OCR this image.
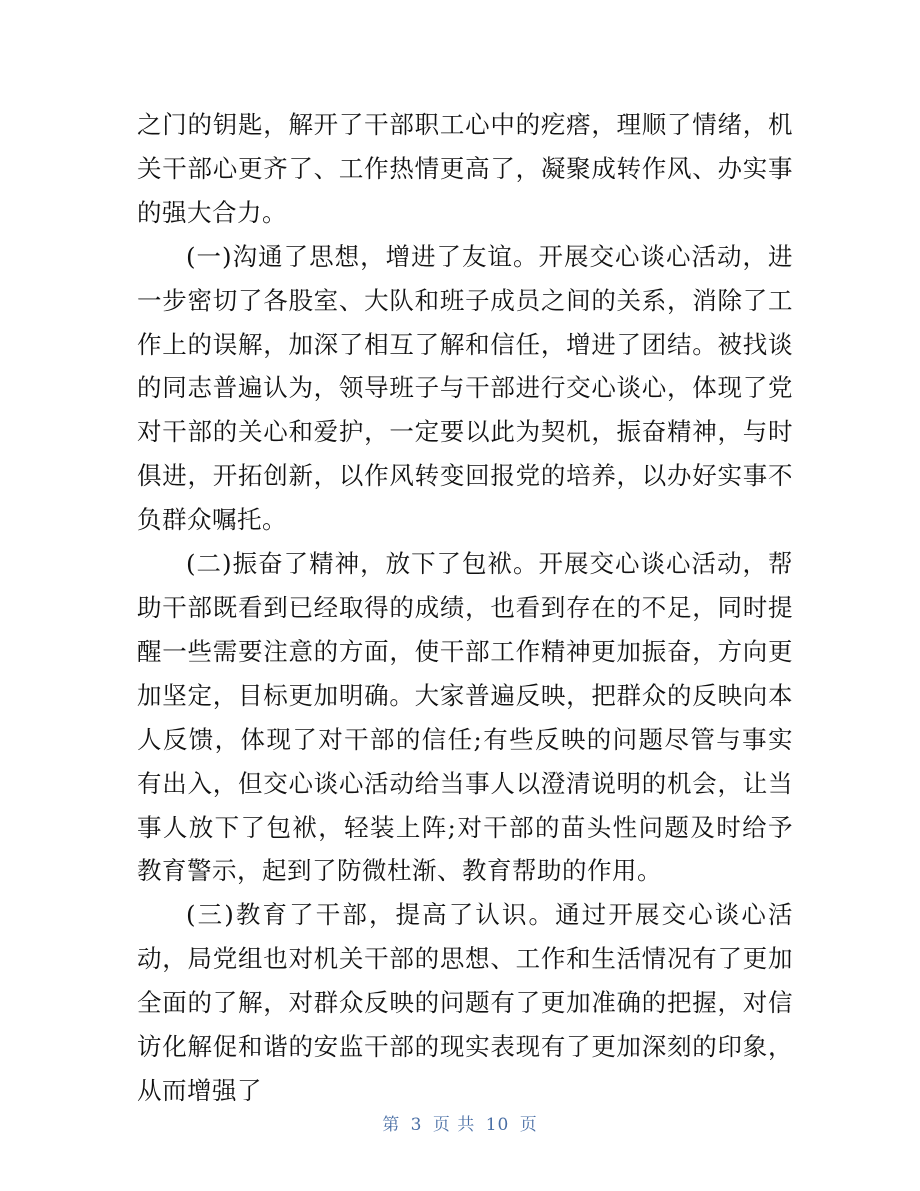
之门的钥匙，解开了干部职工心中的疙瘩，理顺了情绪，机关干部心更齐了、工作热情更高了，凝聚成转作风、办实事的强大合力。

(一)沟通了思想，增进了友谊。开展交心谈心活动，进一步密切了各股室、大队和班子成员之间的关系，消除了工作上的误解，加深了相互了解和信任，增进了团结。被找谈的同志普遍认为，领导班子与干部进行交心谈心，体现了党对干部的关心和爱护，一定要以此为契机，振奋精神，与时俱进，开拓创新，以作风转变回报党的培养，以办好实事不负群众嘱托。

(二)振奋了精神，放下了包袱。开展交心谈心活动，帮助干部既看到已经取得的成绩，也看到存在的不足，同时提醒一些需要注意的方面，使干部工作精神更加振奋，方向更加坚定，目标更加明确。大家普遍反映，把群众的反映向本人反馈，体现了对干部的信任;有些反映的问题尽管与事实有出入，但交心谈心活动给当事人以澄清说明的机会，让当事人放下了包袱，轻装上阵;对干部的苗头性问题及时给予教育警示，起到了防微杜渐、教育帮助的作用。

(三)教育了干部，提高了认识。通过开展交心谈心活动，局党组也对机关干部的思想、工作和生活情况有了更加全面的了解，对群众反映的问题有了更加准确的把握，对信访化解促和谐的安监干部的现实表现有了更加深刻的印象，从而增强了

第 3 页 共 10 页
